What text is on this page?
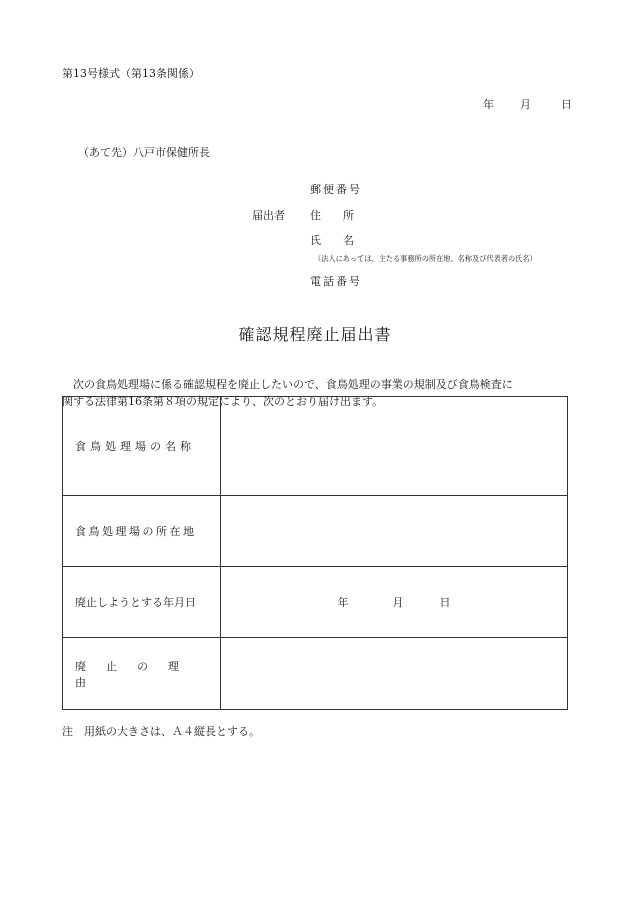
第13号様式（第13条関係）
年 月	日
（あて先）八戸市保健所長
郵便番号
届出者 住　　所
氏　　名
（法人にあっては、主たる事務所の所在地、名称及び代表者の氏名）
電話番号
確認規程廃止届出書
　次の食鳥処理場に係る確認規程を廃止したいので、食鳥処理の事業の規制及び食鳥検査に
関する法律第16条第８項の規定により、次のとおり届け出ます。
食鳥処理場の名称	
食鳥処理場の所在地	
廃止しようとする年月日	年 月 日

廃止の理由	
注　用紙の大きさは、Ａ４縦長とする。
